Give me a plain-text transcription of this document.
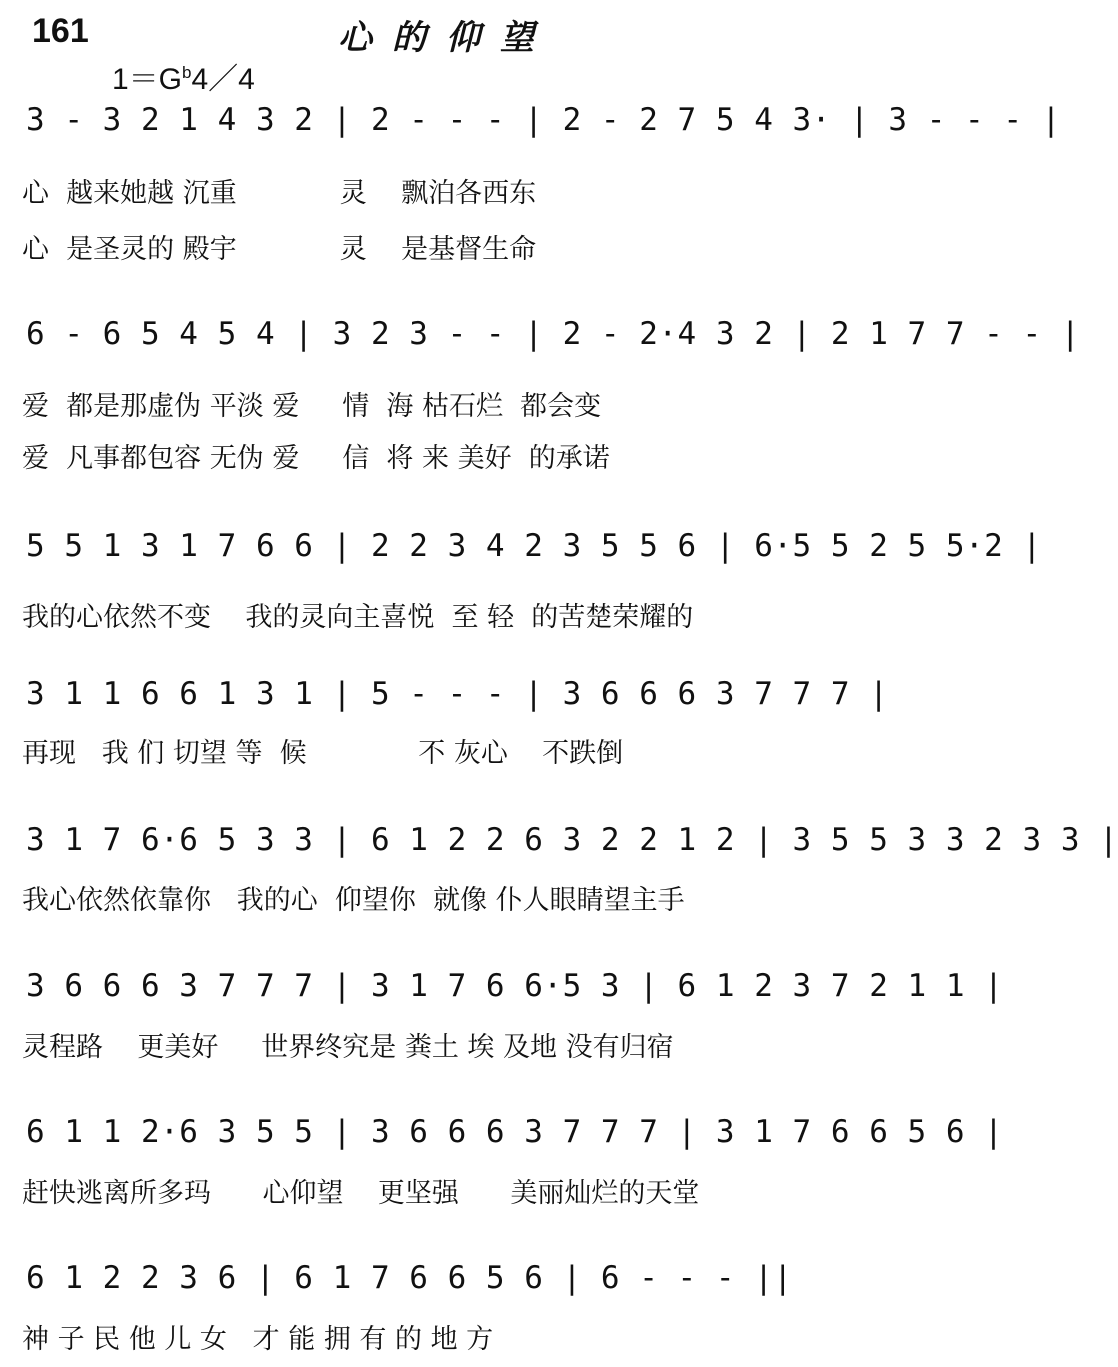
161	心的仰望
$1=G^b4/4$
3 - 3 2 1 4 3 2 | 2 - - - | 2 - 2 7 5 4 3· | 3 - - - |
心  越来她越 沉重            灵    飘泊各西东
心  是圣灵的 殿宇            灵    是基督生命
6 - 6 5 4 5 4 | 3 2 3 - - | 2 - 2·4 3 2 | 2 1 7 7 - - |
爱  都是那虚伪 平淡 爱     情  海 枯石烂  都会变
爱  凡事都包容 无伪 爱     信  将 来 美好  的承诺
5 5 1 3 1 7 6 6 | 2 2 3 4 2 3 5 5 6 | 6·5 5 2 5 5·2 |
我的心依然不变    我的灵向主喜悦  至 轻  的苦楚荣耀的
3 1 1 6 6 1 3 1 | 5 - - - | 3 6 6 6 3 7 7 7 |
再现   我 们 切望 等  候             不 灰心    不跌倒
3 1 7 6·6 5 3 3 | 6 1 2 2 6 3 2 2 1 2 | 3 5 5 3 3 2 3 3 |
我心依然依靠你   我的心  仰望你  就像 仆人眼睛望主手
3 6 6 6 3 7 7 7 | 3 1 7 6 6·5 3 | 6 1 2 3 7 2 1 1 |
灵程路    更美好     世界终究是 粪土 埃 及地 没有归宿
6 1 1 2·6 3 5 5 | 3 6 6 6 3 7 7 7 | 3 1 7 6 6 5 6 |
赶快逃离所多玛      心仰望    更坚强      美丽灿烂的天堂
6 1 2 2 3 6 | 6 1 7 6 6 5 6 | 6 - - - ||
神 子 民 他 儿 女   才 能 拥 有 的 地 方
